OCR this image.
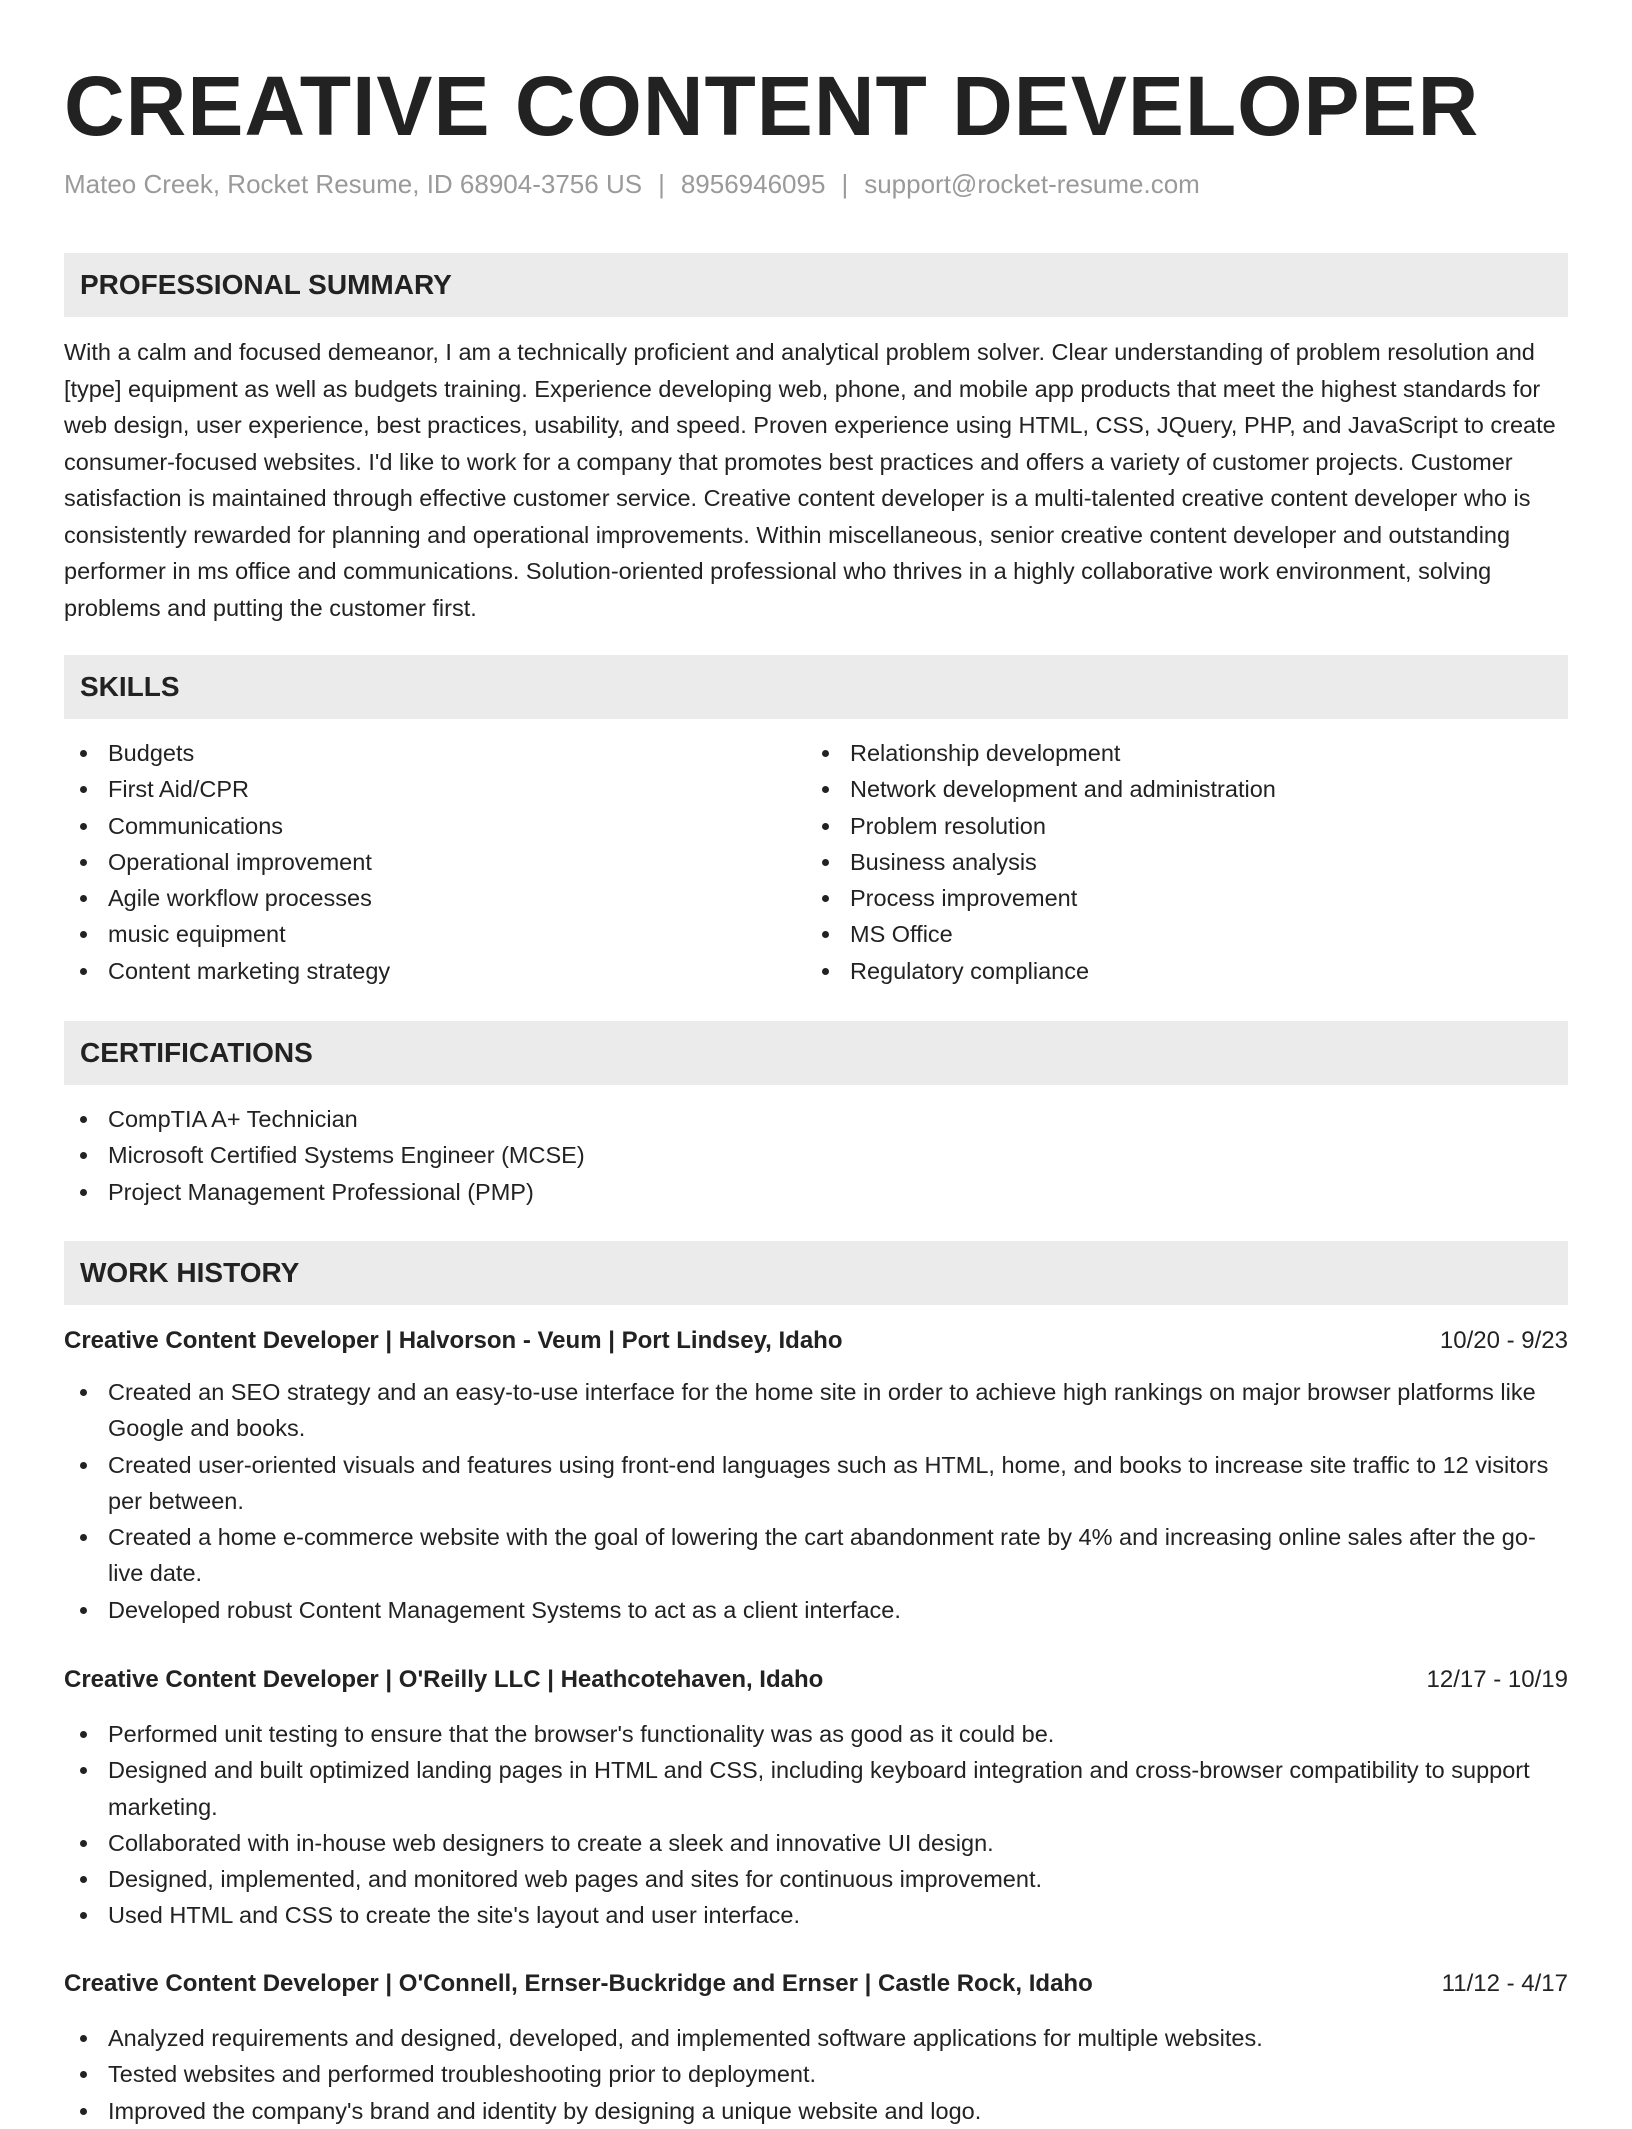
CREATIVE CONTENT DEVELOPER
Mateo Creek, Rocket Resume, ID 68904-3756 US | 8956946095 | support@rocket-resume.com
PROFESSIONAL SUMMARY
With a calm and focused demeanor, I am a technically proficient and analytical problem solver. Clear understanding of problem resolution and [type] equipment as well as budgets training. Experience developing web, phone, and mobile app products that meet the highest standards for web design, user experience, best practices, usability, and speed. Proven experience using HTML, CSS, JQuery, PHP, and JavaScript to create consumer-focused websites. I'd like to work for a company that promotes best practices and offers a variety of customer projects. Customer satisfaction is maintained through effective customer service. Creative content developer is a multi-talented creative content developer who is consistently rewarded for planning and operational improvements. Within miscellaneous, senior creative content developer and outstanding performer in ms office and communications. Solution-oriented professional who thrives in a highly collaborative work environment, solving problems and putting the customer first.
SKILLS
Budgets
First Aid/CPR
Communications
Operational improvement
Agile workflow processes
music equipment
Content marketing strategy
Relationship development
Network development and administration
Problem resolution
Business analysis
Process improvement
MS Office
Regulatory compliance
CERTIFICATIONS
CompTIA A+ Technician
Microsoft Certified Systems Engineer (MCSE)
Project Management Professional (PMP)
WORK HISTORY
Creative Content Developer | Halvorson - Veum | Port Lindsey, Idaho	10/20 - 9/23
Created an SEO strategy and an easy-to-use interface for the home site in order to achieve high rankings on major browser platforms like Google and books.
Created user-oriented visuals and features using front-end languages such as HTML, home, and books to increase site traffic to 12 visitors per between.
Created a home e-commerce website with the goal of lowering the cart abandonment rate by 4% and increasing online sales after the go-live date.
Developed robust Content Management Systems to act as a client interface.
Creative Content Developer | O'Reilly LLC | Heathcotehaven, Idaho	12/17 - 10/19
Performed unit testing to ensure that the browser's functionality was as good as it could be.
Designed and built optimized landing pages in HTML and CSS, including keyboard integration and cross-browser compatibility to support marketing.
Collaborated with in-house web designers to create a sleek and innovative UI design.
Designed, implemented, and monitored web pages and sites for continuous improvement.
Used HTML and CSS to create the site's layout and user interface.
Creative Content Developer | O'Connell, Ernser-Buckridge and Ernser | Castle Rock, Idaho	11/12 - 4/17
Analyzed requirements and designed, developed, and implemented software applications for multiple websites.
Tested websites and performed troubleshooting prior to deployment.
Improved the company's brand and identity by designing a unique website and logo.
